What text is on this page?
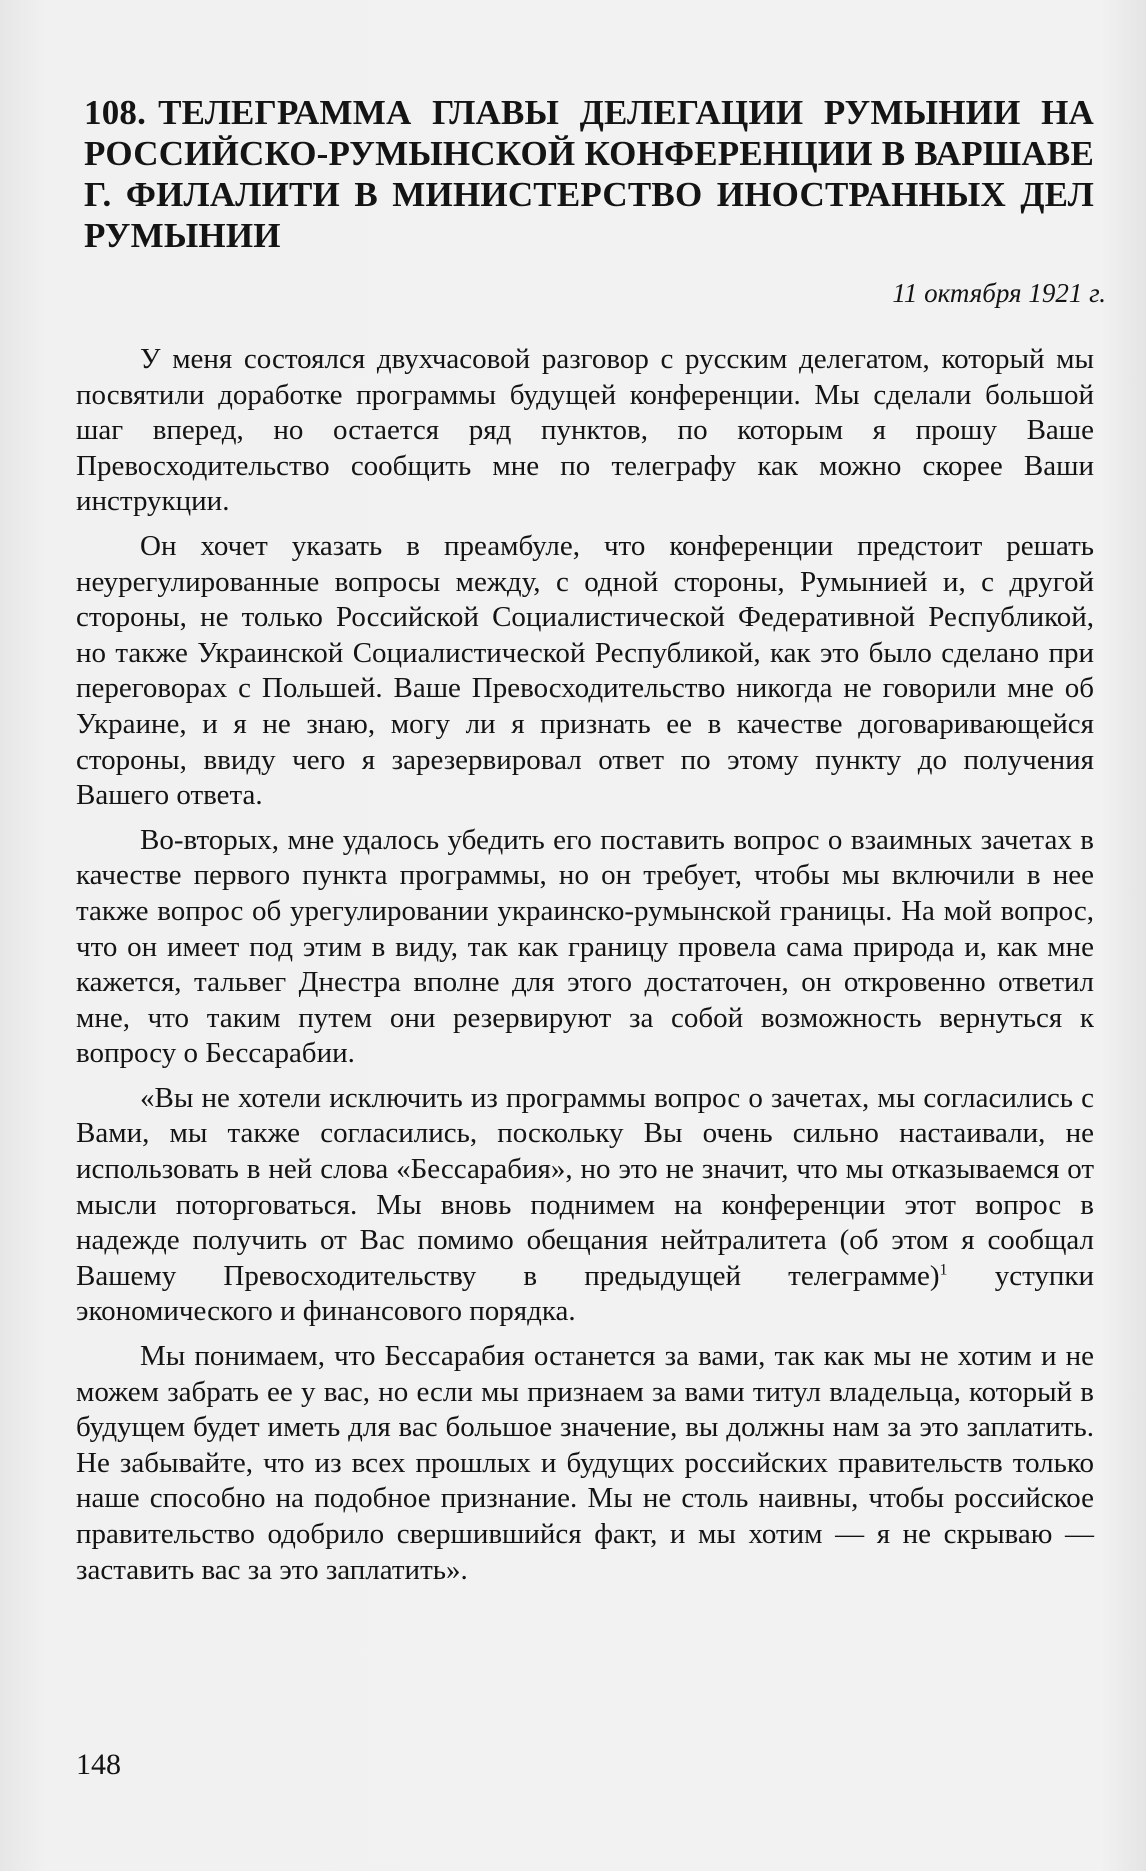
108. ТЕЛЕГРАММА ГЛАВЫ ДЕЛЕГАЦИИ РУМЫНИИ НА РОССИЙСКО-РУМЫНСКОЙ КОНФЕРЕНЦИИ В ВАРШАВЕ Г. ФИЛАЛИТИ В МИНИСТЕРСТВО ИНОСТРАННЫХ ДЕЛ РУМЫНИИ

11 октября 1921 г.

У меня состоялся двухчасовой разговор с русским делегатом, который мы посвятили доработке программы будущей конференции. Мы сделали большой шаг вперед, но остается ряд пунктов, по которым я прошу Ваше Превосходительство сообщить мне по телеграфу как можно скорее Ваши инструкции.

Он хочет указать в преамбуле, что конференции предстоит решать неурегулированные вопросы между, с одной стороны, Румынией и, с другой стороны, не только Российской Социалистической Федеративной Республикой, но также Украинской Социалистической Республикой, как это было сделано при переговорах с Польшей. Ваше Превосходительство никогда не говорили мне об Украине, и я не знаю, могу ли я признать ее в качестве договаривающейся стороны, ввиду чего я зарезервировал ответ по этому пункту до получения Вашего ответа.

Во-вторых, мне удалось убедить его поставить вопрос о взаимных зачетах в качестве первого пункта программы, но он требует, чтобы мы включили в нее также вопрос об урегулировании украинско-румынской границы. На мой вопрос, что он имеет под этим в виду, так как границу провела сама природа и, как мне кажется, тальвег Днестра вполне для этого достаточен, он откровенно ответил мне, что таким путем они резервируют за собой возможность вернуться к вопросу о Бессарабии.

«Вы не хотели исключить из программы вопрос о зачетах, мы согласились с Вами, мы также согласились, поскольку Вы очень сильно настаивали, не использовать в ней слова «Бессарабия», но это не значит, что мы отказываемся от мысли поторговаться. Мы вновь поднимем на конференции этот вопрос в надежде получить от Вас помимо обещания нейтралитета (об этом я сообщал Вашему Превосходительству в предыдущей телеграмме)$^1$ уступки экономического и финансового порядка.

Мы понимаем, что Бессарабия останется за вами, так как мы не хотим и не можем забрать ее у вас, но если мы признаем за вами титул владельца, который в будущем будет иметь для вас большое значение, вы должны нам за это заплатить. Не забывайте, что из всех прошлых и будущих российских правительств только наше способно на подобное признание. Мы не столь наивны, чтобы российское правительство одобрило свершившийся факт, и мы хотим — я не скрываю — заставить вас за это заплатить».

148
